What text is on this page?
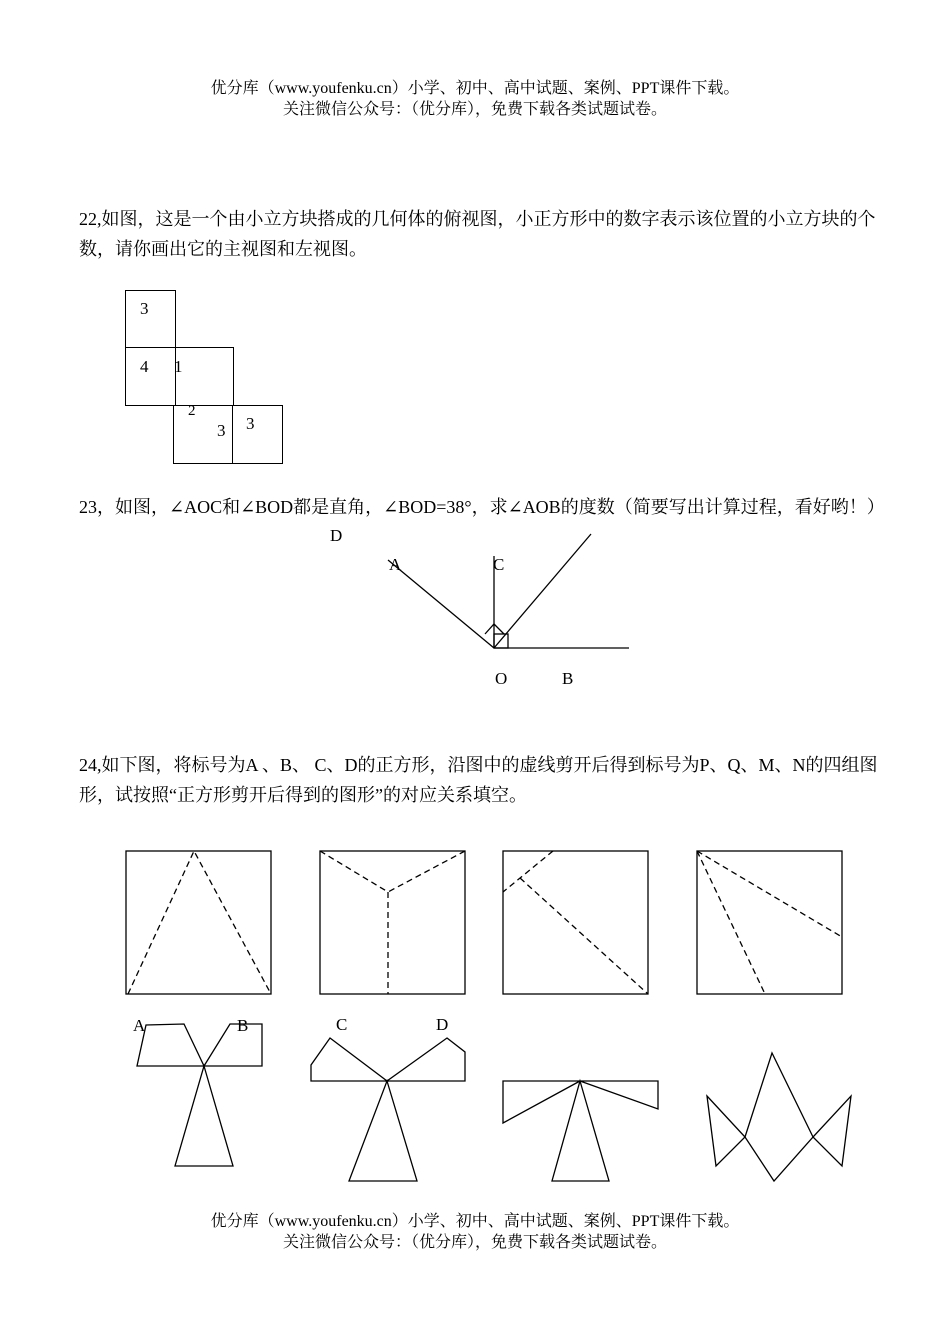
优分库（www.youfenku.cn）小学、初中、高中试题、案例、PPT课件下载。
关注微信公众号：（优分库），免费下载各类试题试卷。
22,如图，这是一个由小立方块搭成的几何体的俯视图，小正方形中的数字表示该位置的小立方块的个数，请你画出它的主视图和左视图。
3
4 1
2
3 3
23，如图，∠AOC和∠BOD都是直角，∠BOD=38°，求∠AOB的度数（简要写出计算过程，看好哟！）
D
A	C
O	B
24,如下图，将标号为A 、B、 C、D的正方形，沿图中的虚线剪开后得到标号为P、Q、M、N的四组图形，试按照“正方形剪开后得到的图形”的对应关系填空。
A	B	C	D
优分库（www.youfenku.cn）小学、初中、高中试题、案例、PPT课件下载。
关注微信公众号：（优分库），免费下载各类试题试卷。
